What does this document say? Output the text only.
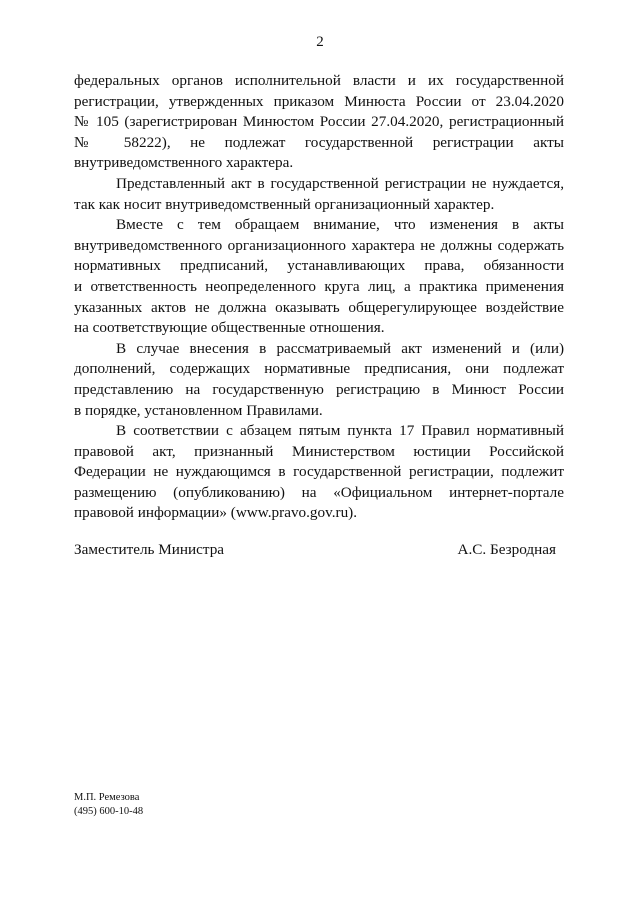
2

федеральных органов исполнительной власти и их государственной
регистрации, утвержденных приказом Минюста России от 23.04.2020
№ 105 (зарегистрирован Минюстом России 27.04.2020, регистрационный
№ 58222), не подлежат государственной регистрации акты
внутриведомственного характера.

Представленный акт в государственной регистрации не нуждается,
так как носит внутриведомственный организационный характер.

Вместе с тем обращаем внимание, что изменения в акты
внутриведомственного организационного характера не должны содержать
нормативных предписаний, устанавливающих права, обязанности
и ответственность неопределенного круга лиц, а практика применения
указанных актов не должна оказывать общерегулирующее воздействие
на соответствующие общественные отношения.

В случае внесения в рассматриваемый акт изменений и (или)
дополнений, содержащих нормативные предписания, они подлежат
представлению на государственную регистрацию в Минюст России
в порядке, установленном Правилами.

В соответствии с абзацем пятым пункта 17 Правил нормативный
правовой акт, признанный Министерством юстиции Российской
Федерации не нуждающимся в государственной регистрации, подлежит
размещению (опубликованию) на «Официальном интернет-портале
правовой информации» (www.pravo.gov.ru).

Заместитель Министра	А.С. Безродная
М.П. Ремезова
(495) 600-10-48
